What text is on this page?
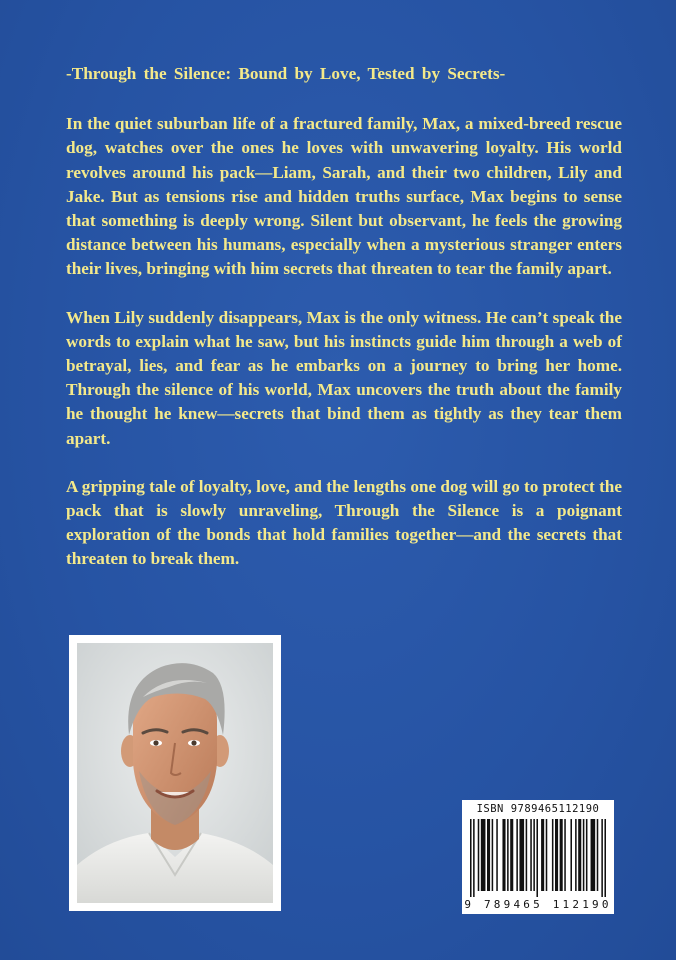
-Through the Silence: Bound by Love, Tested by Secrets-

In the quiet suburban life of a fractured family, Max, a mixed-breed rescue dog, watches over the ones he loves with unwavering loyalty. His world revolves around his pack—Liam, Sarah, and their two children, Lily and Jake. But as tensions rise and hidden truths surface, Max begins to sense that something is deeply wrong. Silent but observant, he feels the growing distance between his humans, especially when a mysterious stranger enters their lives, bringing with him secrets that threaten to tear the family apart.

When Lily suddenly disappears, Max is the only witness. He can’t speak the words to explain what he saw, but his instincts guide him through a web of betrayal, lies, and fear as he embarks on a journey to bring her home. Through the silence of his world, Max uncovers the truth about the family he thought he knew—secrets that bind them as tightly as they tear them apart.

A gripping tale of loyalty, love, and the lengths one dog will go to protect the pack that is slowly unraveling, Through the Silence is a poignant exploration of the bonds that hold families together—and the secrets that threaten to break them.

ISBN 9789465112190
9 789465 112190
